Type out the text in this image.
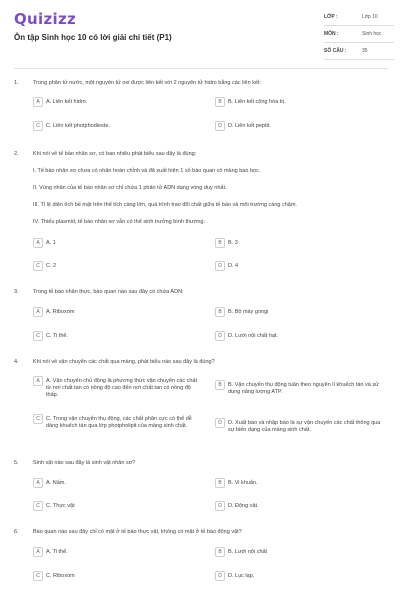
Quizizz
Ôn tập Sinh học 10 có lời giải chi tiết (P1)
LỚP :	Lớp 10
MÔN :	Sinh học
SỐ CÂU :	35
1.	Trong phân tử nước, một nguyên tử oxi được liên kết với 2 nguyên tử hidro bằng các liên kết:
A	A. Liên kết hidro.	B	B. Liên kết cộng hóa trị.
C	C. Liên kết photphodieste.	D	D. Liên kết peptit.
2.	Khi nói về tế bào nhân sơ, có bao nhiêu phát biểu sau đây là đúng:
I. Tế bào nhân sơ chưa có nhân hoàn chỉnh và đã xuất hiện 1 số bào quan có màng bao bọc.
II. Vùng nhân của tế bào nhân sơ chỉ chứa 1 phân tử ADN dạng vòng duy nhất.
III. Tỉ lệ diện tích bề mặt trên thể tích càng lớn, quá trình trao đổi chất giữa tế bào và môi trường càng chậm.
IV. Thiếu plasmid, tế bào nhân sơ vẫn có thể sinh trưởng bình thường.
A	A. 1	B	B. 3
C	C. 2	D	D. 4
3.	Trong tế bào nhân thực, bào quan nào sau đây có chứa ADN:
A	A. Riboxom	B	B. Bộ máy gongi
C	C. Ti thể.	D	D. Lưới nội chất hạt.
4.	Khi nói về vận chuyển các chất qua màng, phát biểu nào sau đây là đúng?
A	A. Vận chuyển chủ động là phương thức vận chuyển các chất từ nơi chất tan có nồng độ cao đến nơi chất tan có nồng độ thấp.
B	B. Vận chuyển thụ động tuân theo nguyên lí khuếch tán và sử dụng năng lượng ATP.
C	C. Trong vận chuyển thụ động, các chất phân cực có thể dễ dàng khuếch tán qua lớp photpholipit của màng sinh chất.	D	D. Xuất bào và nhập bào là sự vận chuyển các chất thông qua sự biến dạng của màng sinh chất.
5.	Sinh vật nào sau đây là sinh vật nhân sơ?
A	A. Nấm.	B	B. Vi khuẩn.
C	C. Thực vật	D	D. Động vật.
6.	Bào quan nào sau đây chỉ có mặt ở tế bào thực vật, không có mặt ở tế bào động vật?
A	A. Ti thể.	B	B. Lưới nội chất
C	C. Riboxom	D	D. Lục lạp.
